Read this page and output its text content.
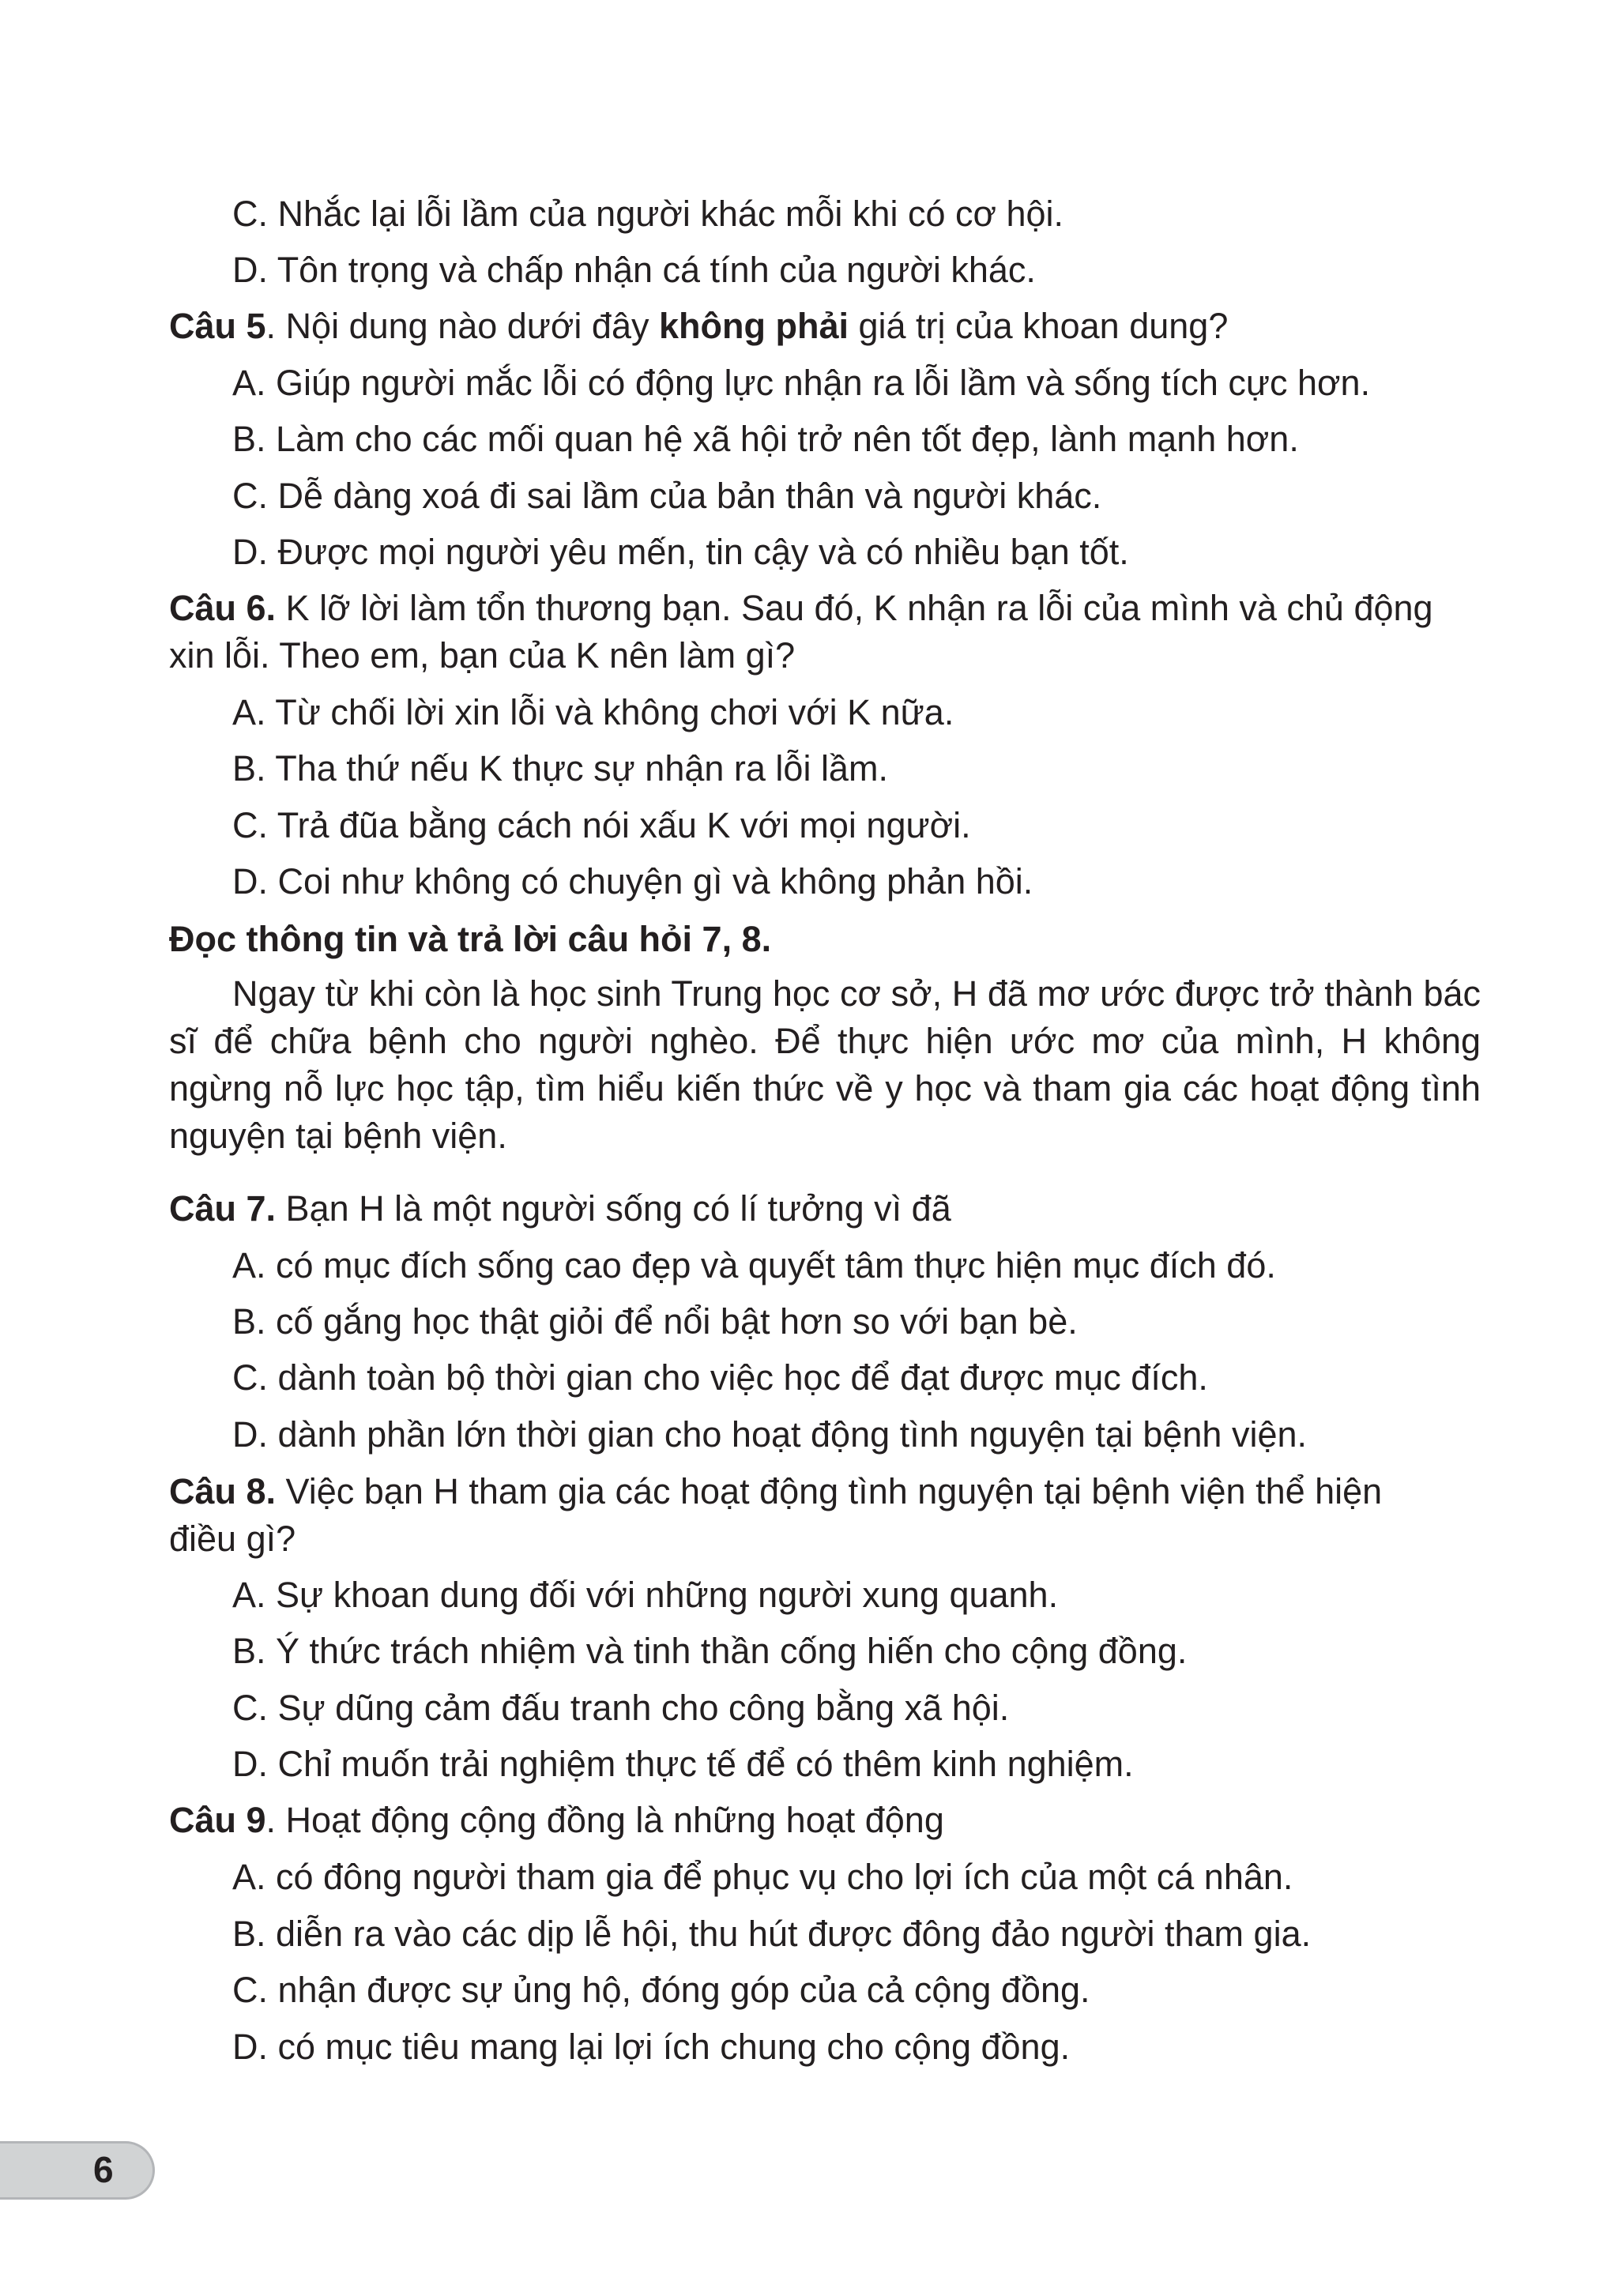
C. Nhắc lại lỗi lầm của người khác mỗi khi có cơ hội.
D. Tôn trọng và chấp nhận cá tính của người khác.
Câu 5. Nội dung nào dưới đây không phải giá trị của khoan dung?
A. Giúp người mắc lỗi có động lực nhận ra lỗi lầm và sống tích cực hơn.
B. Làm cho các mối quan hệ xã hội trở nên tốt đẹp, lành mạnh hơn.
C. Dễ dàng xoá đi sai lầm của bản thân và người khác.
D. Được mọi người yêu mến, tin cậy và có nhiều bạn tốt.
Câu 6. K lỡ lời làm tổn thương bạn. Sau đó, K nhận ra lỗi của mình và chủ động
xin lỗi. Theo em, bạn của K nên làm gì?
A. Từ chối lời xin lỗi và không chơi với K nữa.
B. Tha thứ nếu K thực sự nhận ra lỗi lầm.
C. Trả đũa bằng cách nói xấu K với mọi người.
D. Coi như không có chuyện gì và không phản hồi.
Đọc thông tin và trả lời câu hỏi 7, 8.
Ngay từ khi còn là học sinh Trung học cơ sở, H đã mơ ước được trở thành bác sĩ để chữa bệnh cho người nghèo. Để thực hiện ước mơ của mình, H không ngừng nỗ lực học tập, tìm hiểu kiến thức về y học và tham gia các hoạt động tình nguyện tại bệnh viện.
Câu 7. Bạn H là một người sống có lí tưởng vì đã
A. có mục đích sống cao đẹp và quyết tâm thực hiện mục đích đó.
B. cố gắng học thật giỏi để nổi bật hơn so với bạn bè.
C. dành toàn bộ thời gian cho việc học để đạt được mục đích.
D. dành phần lớn thời gian cho hoạt động tình nguyện tại bệnh viện.
Câu 8. Việc bạn H tham gia các hoạt động tình nguyện tại bệnh viện thể hiện
điều gì?
A. Sự khoan dung đối với những người xung quanh.
B. Ý thức trách nhiệm và tinh thần cống hiến cho cộng đồng.
C. Sự dũng cảm đấu tranh cho công bằng xã hội.
D. Chỉ muốn trải nghiệm thực tế để có thêm kinh nghiệm.
Câu 9. Hoạt động cộng đồng là những hoạt động
A. có đông người tham gia để phục vụ cho lợi ích của một cá nhân.
B. diễn ra vào các dịp lễ hội, thu hút được đông đảo người tham gia.
C. nhận được sự ủng hộ, đóng góp của cả cộng đồng.
D. có mục tiêu mang lại lợi ích chung cho cộng đồng.
6
